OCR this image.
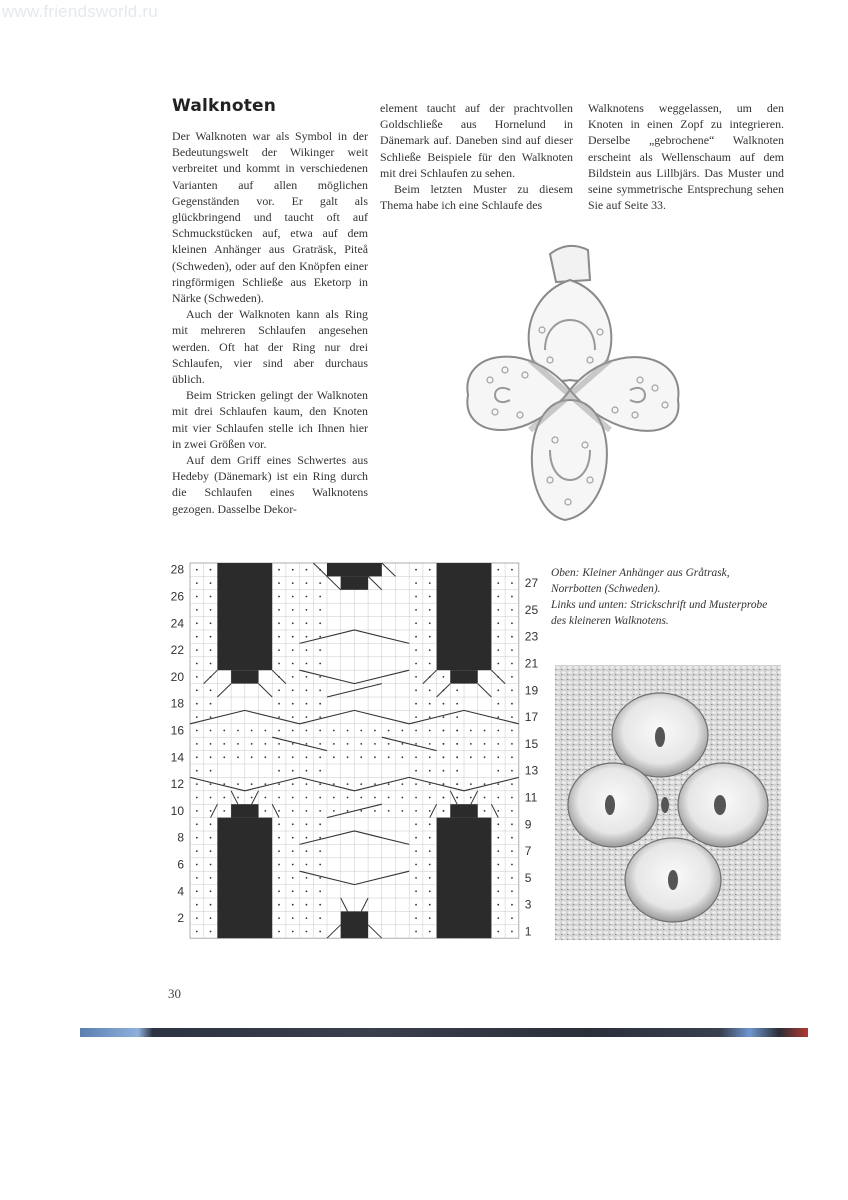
www.friendsworld.ru
Walknoten

Der Walknoten war als Symbol in der Bedeutungswelt der Wikinger weit verbreitet und kommt in verschiedenen Varianten auf allen möglichen Gegenständen vor. Er galt als glückbringend und taucht oft auf Schmuckstücken auf, etwa auf dem kleinen Anhänger aus Graträsk, Piteå (Schweden), oder auf den Knöpfen einer ringförmigen Schließe aus Eketorp in Närke (Schweden).

Auch der Walknoten kann als Ring mit mehreren Schlaufen angesehen werden. Oft hat der Ring nur drei Schlaufen, vier sind aber durchaus üblich.

Beim Stricken gelingt der Walknoten mit drei Schlaufen kaum, den Knoten mit vier Schlaufen stelle ich Ihnen hier in zwei Größen vor.

Auf dem Griff eines Schwertes aus Hedeby (Dänemark) ist ein Ring durch die Schlaufen eines Walknotens gezogen. Dasselbe Dekor-

element taucht auf der prachtvollen Goldschließe aus Hornelund in Dänemark auf. Daneben sind auf dieser Schließe Beispiele für den Walknoten mit drei Schlaufen zu sehen.

Beim letzten Muster zu diesem Thema habe ich eine Schlaufe des

Walknotens weggelassen, um den Knoten in einen Zopf zu integrieren. Derselbe „gebrochene“ Walknoten erscheint als Wellenschaum auf dem Bildstein aus Lillbjärs. Das Muster und seine symmetrische Entsprechung sehen Sie auf Seite 33.

2
4
6
8
10
12
14
16
18
20
22
24
26
28
1
3
5
7
9
11
13
15
17
19
21
23
25
27
Oben: Kleiner Anhänger aus Gråtrask, Norrbotten (Schweden).
Links und unten: Strickschrift und Musterprobe des kleineren Walknotens.
30
